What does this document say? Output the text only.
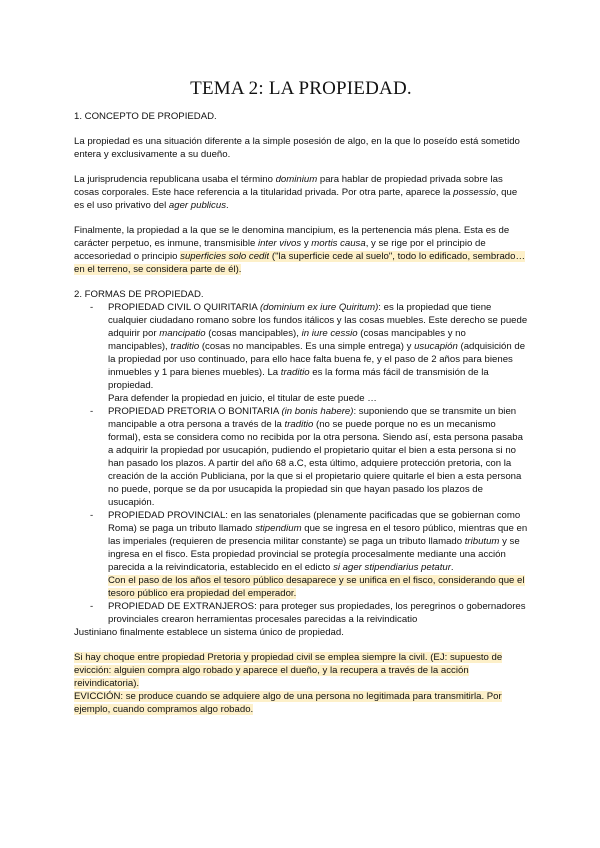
TEMA 2: LA PROPIEDAD.

1. CONCEPTO DE PROPIEDAD.

La propiedad es una situación diferente a la simple posesión de algo, en la que lo poseído está sometido entera y exclusivamente a su dueño.

La jurisprudencia republicana usaba el término dominium para hablar de propiedad privada sobre las cosas corporales. Este hace referencia a la titularidad privada. Por otra parte, aparece la possessio, que es el uso privativo del ager publicus.

Finalmente, la propiedad a la que se le denomina mancipium, es la pertenencia más plena. Esta es de carácter perpetuo, es inmune, transmisible inter vivos y mortis causa, y se rige por el principio de accesoriedad o principio superficies solo cedit ("la superficie cede al suelo", todo lo edificado, sembrado… en el terreno, se considera parte de él).

2. FORMAS DE PROPIEDAD.

- PROPIEDAD CIVIL O QUIRITARIA (dominium ex iure Quiritum): es la propiedad que tiene cualquier ciudadano romano sobre los fundos itálicos y las cosas muebles. Este derecho se puede adquirir por mancipatio (cosas mancipables), in iure cessio (cosas mancipables y no mancipables), traditio (cosas no mancipables. Es una simple entrega) y usucapión (adquisición de la propiedad por uso continuado, para ello hace falta buena fe, y el paso de 2 años para bienes inmuebles y 1 para bienes muebles). La traditio es la forma más fácil de transmisión de la propiedad.
Para defender la propiedad en juicio, el titular de este puede …
- PROPIEDAD PRETORIA O BONITARIA (in bonis habere): suponiendo que se transmite un bien mancipable a otra persona a través de la traditio (no se puede porque no es un mecanismo formal), esta se considera como no recibida por la otra persona. Siendo así, esta persona pasaba a adquirir la propiedad por usucapión, pudiendo el propietario quitar el bien a esta persona si no han pasado los plazos. A partir del año 68 a.C, esta último, adquiere protección pretoria, con la creación de la acción Publiciana, por la que si el propietario quiere quitarle el bien a esta persona no puede, porque se da por usucapida la propiedad sin que hayan pasado los plazos de usucapión.
- PROPIEDAD PROVINCIAL: en las senatoriales (plenamente pacificadas que se gobiernan como Roma) se paga un tributo llamado stipendium que se ingresa en el tesoro público, mientras que en las imperiales (requieren de presencia militar constante) se paga un tributo llamado tributum y se ingresa en el fisco. Esta propiedad provincial se protegía procesalmente mediante una acción parecida a la reivindicatoria, establecido en el edicto si ager stipendiarius petatur.
Con el paso de los años el tesoro público desaparece y se unifica en el fisco, considerando que el tesoro público era propiedad del emperador.
- PROPIEDAD DE EXTRANJEROS: para proteger sus propiedades, los peregrinos o gobernadores provinciales crearon herramientas procesales parecidas a la reivindicatio

Justiniano finalmente establece un sistema único de propiedad.

Si hay choque entre propiedad Pretoria y propiedad civil se emplea siempre la civil. (EJ: supuesto de evicción: alguien compra algo robado y aparece el dueño, y la recupera a través de la acción reivindicatoria).

EVICCIÓN: se produce cuando se adquiere algo de una persona no legitimada para transmitirla. Por ejemplo, cuando compramos algo robado.
